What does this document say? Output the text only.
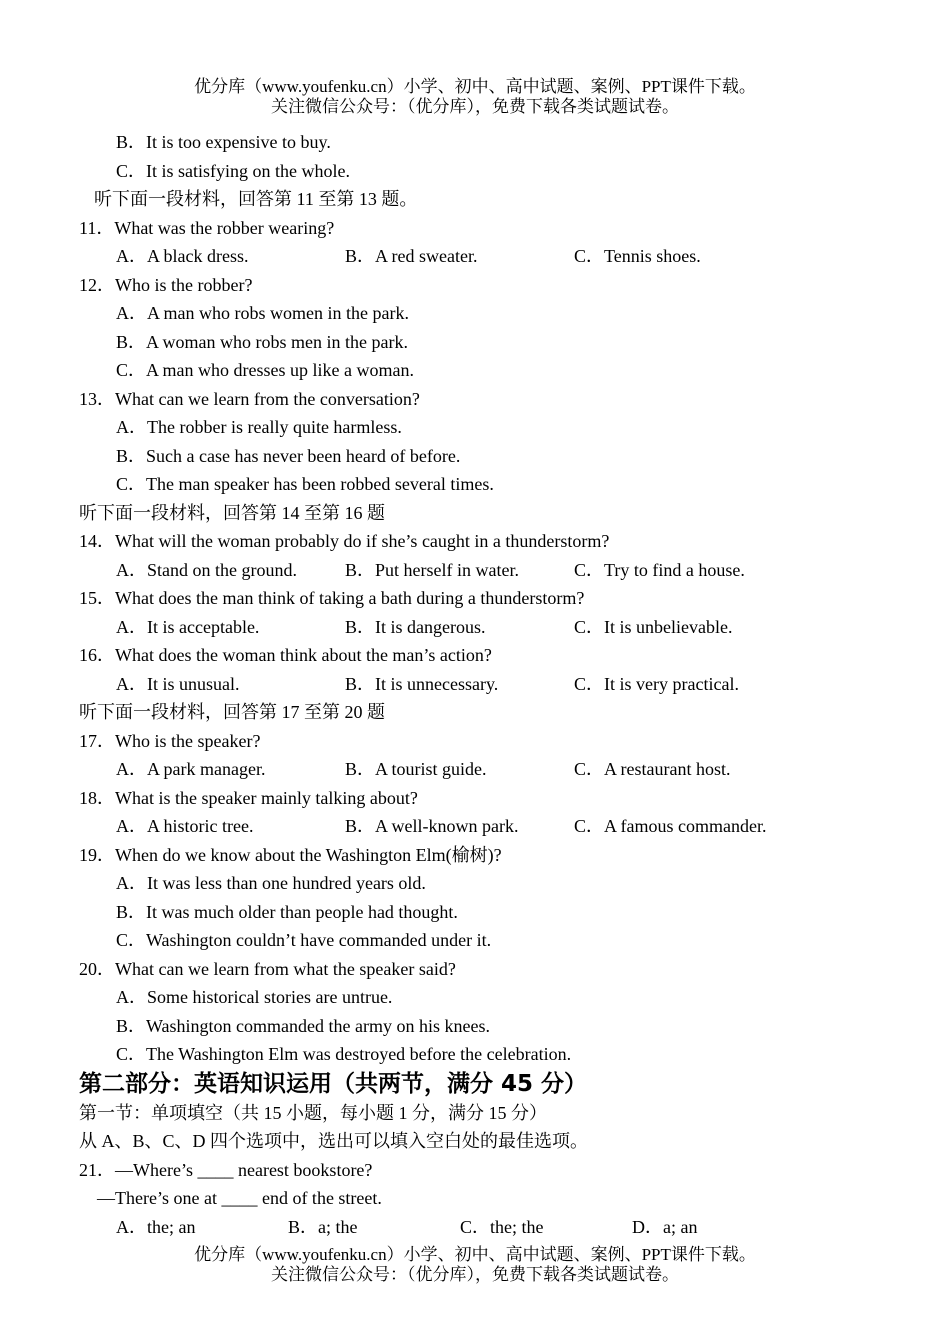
优分库（www.youfenku.cn）小学、初中、高中试题、案例、PPT课件下载。
关注微信公众号：（优分库），免费下载各类试题试卷。
B．It is too expensive to buy.
C．It is satisfying on the whole.
听下面一段材料，回答第 11 至第 13 题。
11．What was the robber wearing?
A．A black dress.	B．A red sweater.	C．Tennis shoes.
12．Who is the robber?
A．A man who robs women in the park.
B．A woman who robs men in the park.
C．A man who dresses up like a woman.
13．What can we learn from the conversation?
A．The robber is really quite harmless.
B．Such a case has never been heard of before.
C．The man speaker has been robbed several times.
听下面一段材料，回答第 14 至第 16 题
14．What will the woman probably do if she’s caught in a thunderstorm?
A．Stand on the ground.	B．Put herself in water.	C．Try to find a house.
15．What does the man think of taking a bath during a thunderstorm?
A．It is acceptable.	B．It is dangerous.	C．It is unbelievable.
16．What does the woman think about the man’s action?
A．It is unusual.	B．It is unnecessary.	C．It is very practical.
听下面一段材料，回答第 17 至第 20 题
17．Who is the speaker?
A．A park manager.	B．A tourist guide.	C．A restaurant host.
18．What is the speaker mainly talking about?
A．A historic tree.	B．A well-known park.	C．A famous commander.
19．When do we know about the Washington Elm(榆树)?
A．It was less than one hundred years old.
B．It was much older than people had thought.
C．Washington couldn’t have commanded under it.
20．What can we learn from what the speaker said?
A．Some historical stories are untrue.
B．Washington commanded the army on his knees.
C．The Washington Elm was destroyed before the celebration.
第二部分：英语知识运用（共两节，满分 45 分）
第一节：单项填空（共 15 小题，每小题 1 分，满分 15 分）
从 A、B、C、D 四个选项中，选出可以填入空白处的最佳选项。
21．—Where’s ____ nearest bookstore?
—There’s one at ____ end of the street.
A．the; an	B．a; the	C．the; the	D．a; an
优分库（www.youfenku.cn）小学、初中、高中试题、案例、PPT课件下载。
关注微信公众号：（优分库），免费下载各类试题试卷。
